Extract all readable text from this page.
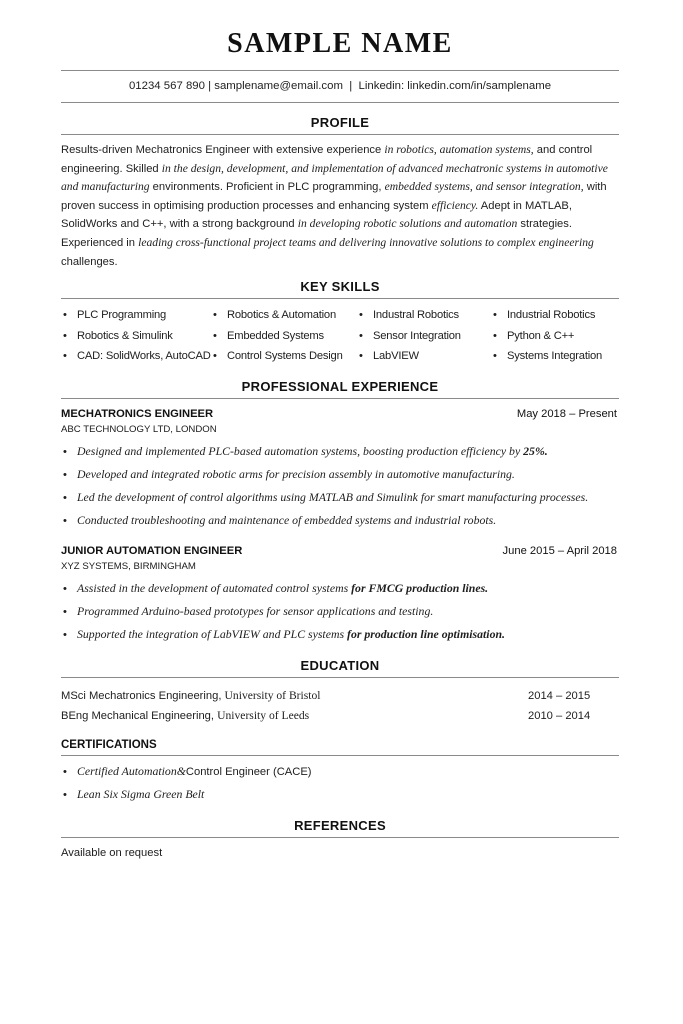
SAMPLE NAME
01234 567 890 | samplename@email.com  |  Linkedin: linkedin.com/in/samplename
PROFILE
Results-driven Mechatronics Engineer with extensive experience in robotics, automation systems, and control engineering. Skilled in the design, development, and implementation of advanced mechatronic systems in automotive and manufacturing environments. Proficient in PLC programming, embedded systems, and sensor integration, with proven success in optimising production processes and enhancing system efficiency. Adept in MATLAB, SolidWorks and C++, with a strong background in developing robotic solutions and automation strategies. Experienced in leading cross-functional project teams and delivering innovative solutions to complex engineering challenges.
KEY SKILLS
• PLC Programming	• Robotics & Automation	• Industral Robotics	• Industrial Robotics
• Robotics & Simulink	• Embedded Systems	• Sensor Integration	• Python & C++
• CAD: SolidWorks, AutoCAD • Control Systems Design	• LabVIEW	• Systems Integration
PROFESSIONAL EXPERIENCE
MECHATRONICS ENGINEER	May 2018 – Present
ABC TECHNOLOGY LTD, LONDON
• Designed and implemented PLC-based automation systems, boosting production efficiency by 25%.
• Developed and integrated robotic arms for precision assembly in automotive manufacturing.
• Led the development of control algorithms using MATLAB and Simulink for smart manufacturing processes.
• Conducted troubleshooting and maintenance of embedded systems and industrial robots.
JUNIOR AUTOMATION ENGINEER	June 2015 – April 2018
XYZ SYSTEMS, BIRMINGHAM
• Assisted in the development of automated control systems for FMCG production lines.
• Programmed Arduino-based prototypes for sensor applications and testing.
• Supported the integration of LabVIEW and PLC systems for production line optimisation.
EDUCATION
MSci Mechatronics Engineering, University of Bristol	2014 – 2015
BEng Mechanical Engineering, University of Leeds	2010 – 2014
CERTIFICATIONS
• Certified Automation&Control Engineer (CACE)
• Lean Six Sigma Green Belt
REFERENCES
Available on request
